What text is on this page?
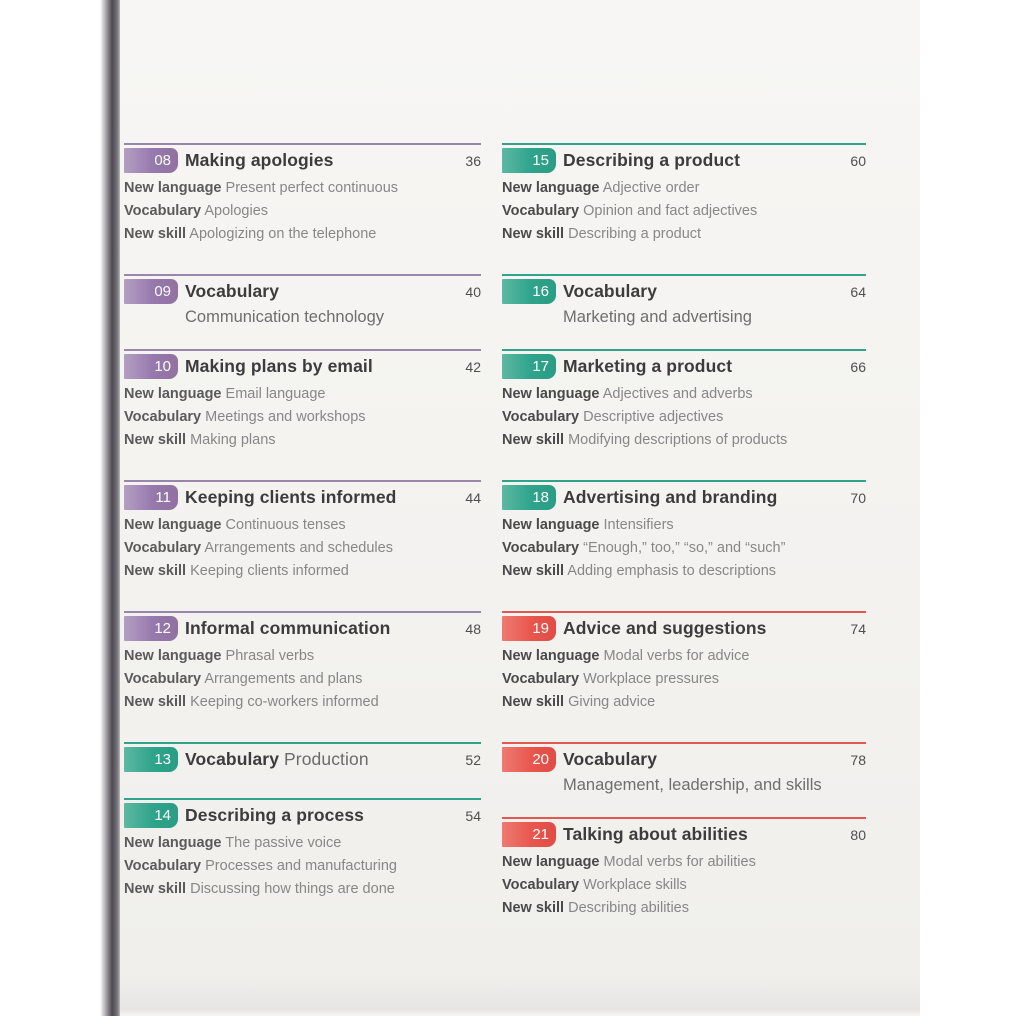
08 Making apologies	36
New language Present perfect continuous
Vocabulary Apologies
New skill Apologizing on the telephone
09 Vocabulary	40
Communication technology
10 Making plans by email	42
New language Email language
Vocabulary Meetings and workshops
New skill Making plans
11 Keeping clients informed	44
New language Continuous tenses
Vocabulary Arrangements and schedules
New skill Keeping clients informed
12 Informal communication	48
New language Phrasal verbs
Vocabulary Arrangements and plans
New skill Keeping co-workers informed
13 Vocabulary Production	52
14 Describing a process	54
New language The passive voice
Vocabulary Processes and manufacturing
New skill Discussing how things are done
15 Describing a product	60
New language Adjective order
Vocabulary Opinion and fact adjectives
New skill Describing a product
16 Vocabulary	64
Marketing and advertising
17 Marketing a product	66
New language Adjectives and adverbs
Vocabulary Descriptive adjectives
New skill Modifying descriptions of products
18 Advertising and branding	70
New language Intensifiers
Vocabulary “Enough,” too,” “so,” and “such”
New skill Adding emphasis to descriptions
19 Advice and suggestions	74
New language Modal verbs for advice
Vocabulary Workplace pressures
New skill Giving advice
20 Vocabulary	78
Management, leadership, and skills
21 Talking about abilities	80
New language Modal verbs for abilities
Vocabulary Workplace skills
New skill Describing abilities
